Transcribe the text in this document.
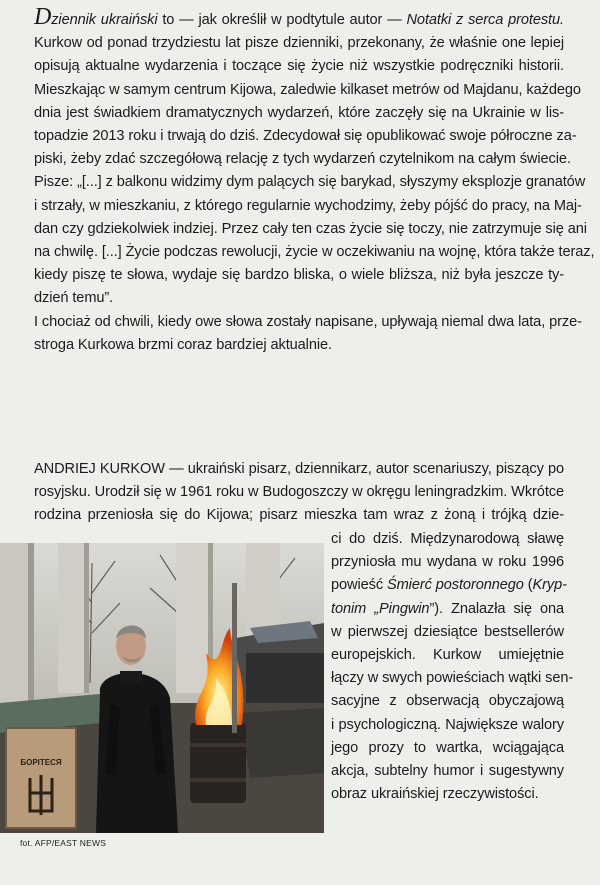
Dziennik ukraiński to — jak określił w podtytule autor — Notatki z serca protestu.
Kurkow od ponad trzydziestu lat pisze dzienniki, przekonany, że właśnie one lepiej
opisują aktualne wydarzenia i toczące się życie niż wszystkie podręczniki historii.
Mieszkając w samym centrum Kijowa, zaledwie kilkaset metrów od Majdanu, każdego
dnia jest świadkiem dramatycznych wydarzeń, które zaczęły się na Ukrainie w lis-
topadzie 2013 roku i trwają do dziś. Zdecydował się opublikować swoje półroczne za-
piski, żeby zdać szczegółową relację z tych wydarzeń czytelnikom na całym świecie.
Pisze: „[...] z balkonu widzimy dym palących się barykad, słyszymy eksplozje granatów
i strzały, w mieszkaniu, z którego regularnie wychodzimy, żeby pójść do pracy, na Maj-
dan czy gdziekolwiek indziej. Przez cały ten czas życie się toczy, nie zatrzymuje się ani
na chwilę. [...] Życie podczas rewolucji, życie w oczekiwaniu na wojnę, która także teraz,
kiedy piszę te słowa, wydaje się bardzo bliska, o wiele bliższa, niż była jeszcze ty-
dzień temu”.
I chociaż od chwili, kiedy owe słowa zostały napisane, upływają niemal dwa lata, prze-
stroga Kurkowa brzmi coraz bardziej aktualnie.
ANDRIEJ KURKOW — ukraiński pisarz, dziennikarz, autor scenariuszy, piszący po
rosyjsku. Urodził się w 1961 roku w Budogoszczy w okręgu leningradzkim. Wkrótce
rodzina przeniosła się do Kijowa; pisarz mieszka tam wraz z żoną i trójką dzie-
БОРІТЕСЯ
ci do dziś. Międzynarodową sławę
przyniosła mu wydana w roku 1996
powieść Śmierć postoronnego (Kryp-
tonim „Pingwin”). Znalazła się ona
w pierwszej dziesiątce bestsellerów
europejskich. Kurkow umiejętnie
łączy w swych powieściach wątki sen-
sacyjne z obserwacją obyczajową
i psychologiczną. Największe walory
jego prozy to wartka, wciągająca
akcja, subtelny humor i sugestywny
obraz ukraińskiej rzeczywistości.
fot. AFP/EAST NEWS
